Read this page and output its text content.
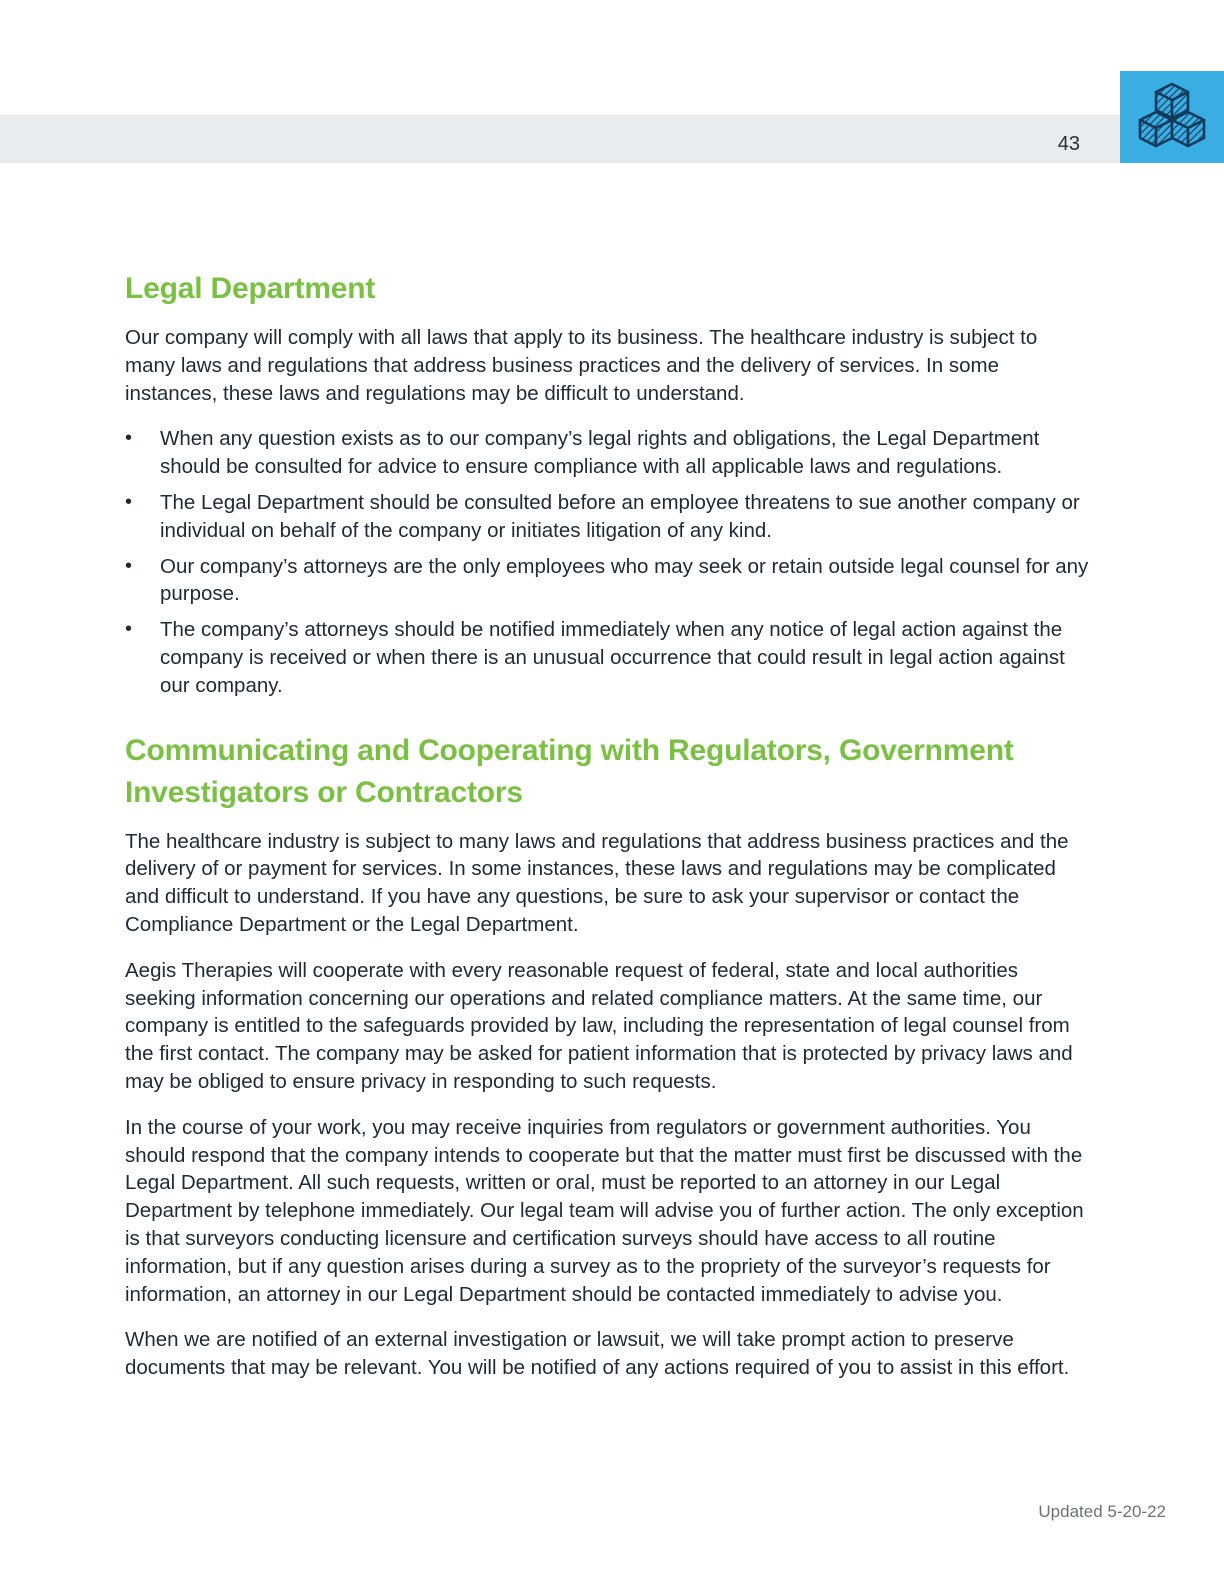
43
Legal Department

Our company will comply with all laws that apply to its business. The healthcare industry is subject to many laws and regulations that address business practices and the delivery of services. In some instances, these laws and regulations may be difficult to understand.

• When any question exists as to our company’s legal rights and obligations, the Legal Department should be consulted for advice to ensure compliance with all applicable laws and regulations.
• The Legal Department should be consulted before an employee threatens to sue another company or individual on behalf of the company or initiates litigation of any kind.
• Our company’s attorneys are the only employees who may seek or retain outside legal counsel for any purpose.
• The company’s attorneys should be notified immediately when any notice of legal action against the company is received or when there is an unusual occurrence that could result in legal action against our company.
Communicating and Cooperating with Regulators, Government Investigators or Contractors

The healthcare industry is subject to many laws and regulations that address business practices and the delivery of or payment for services. In some instances, these laws and regulations may be complicated and difficult to understand. If you have any questions, be sure to ask your supervisor or contact the Compliance Department or the Legal Department.

Aegis Therapies will cooperate with every reasonable request of federal, state and local authorities seeking information concerning our operations and related compliance matters. At the same time, our company is entitled to the safeguards provided by law, including the representation of legal counsel from the first contact. The company may be asked for patient information that is protected by privacy laws and may be obliged to ensure privacy in responding to such requests.

In the course of your work, you may receive inquiries from regulators or government authorities. You should respond that the company intends to cooperate but that the matter must first be discussed with the Legal Department. All such requests, written or oral, must be reported to an attorney in our Legal Department by telephone immediately. Our legal team will advise you of further action. The only exception is that surveyors conducting licensure and certification surveys should have access to all routine information, but if any question arises during a survey as to the propriety of the surveyor’s requests for information, an attorney in our Legal Department should be contacted immediately to advise you.

When we are notified of an external investigation or lawsuit, we will take prompt action to preserve documents that may be relevant. You will be notified of any actions required of you to assist in this effort.

Updated 5-20-22
